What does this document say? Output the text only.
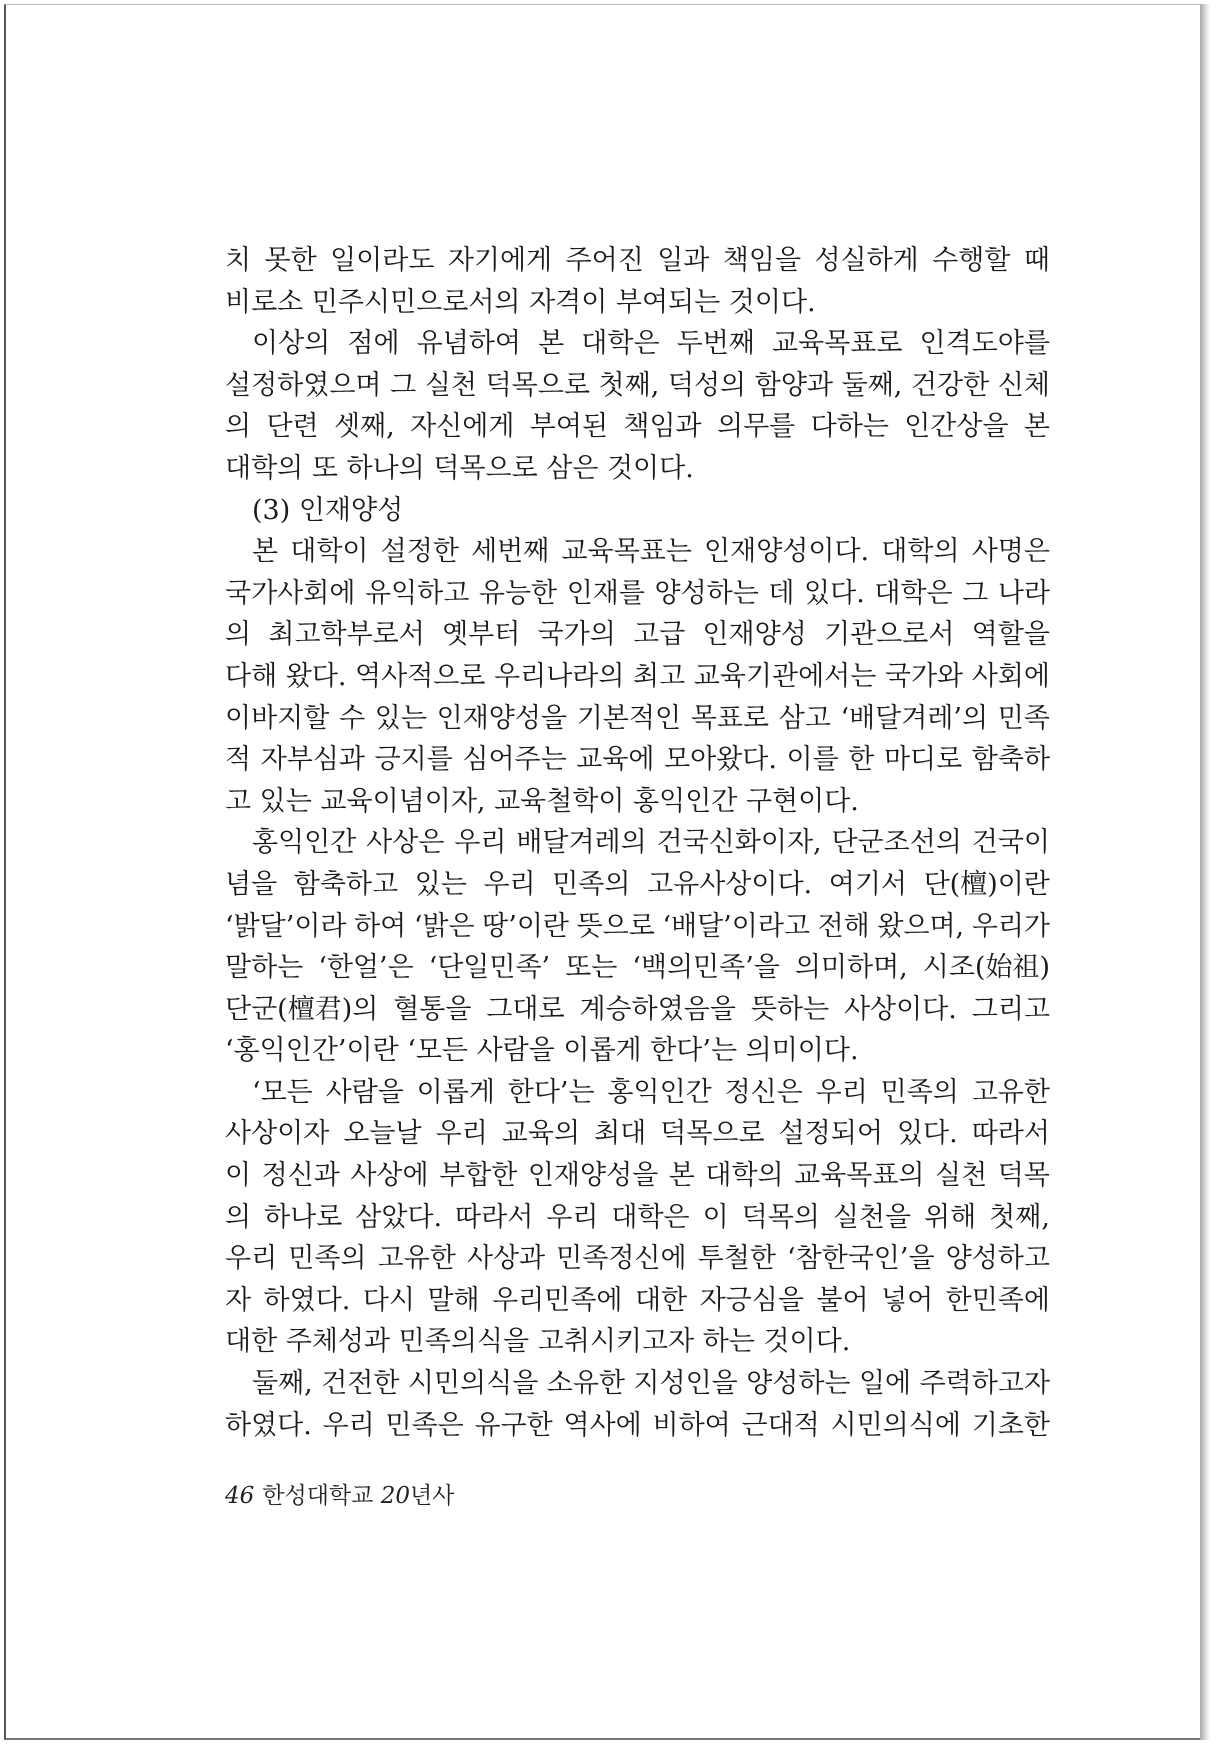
치 못한 일이라도 자기에게 주어진 일과 책임을 성실하게 수행할 때
비로소 민주시민으로서의 자격이 부여되는 것이다.
이상의 점에 유념하여 본 대학은 두번째 교육목표로 인격도야를
설정하였으며 그 실천 덕목으로 첫째, 덕성의 함양과 둘째, 건강한 신체
의 단련 셋째, 자신에게 부여된 책임과 의무를 다하는 인간상을 본
대학의 또 하나의 덕목으로 삼은 것이다.
(3) 인재양성
본 대학이 설정한 세번째 교육목표는 인재양성이다. 대학의 사명은
국가사회에 유익하고 유능한 인재를 양성하는 데 있다. 대학은 그 나라
의 최고학부로서 옛부터 국가의 고급 인재양성 기관으로서 역할을
다해 왔다. 역사적으로 우리나라의 최고 교육기관에서는 국가와 사회에
이바지할 수 있는 인재양성을 기본적인 목표로 삼고 ‘배달겨레’의 민족
적 자부심과 긍지를 심어주는 교육에 모아왔다. 이를 한 마디로 함축하
고 있는 교육이념이자, 교육철학이 홍익인간 구현이다.
홍익인간 사상은 우리 배달겨레의 건국신화이자, 단군조선의 건국이
념을 함축하고 있는 우리 민족의 고유사상이다. 여기서 단(檀)이란
‘밝달’이라 하여 ‘밝은 땅’이란 뜻으로 ‘배달’이라고 전해 왔으며, 우리가
말하는 ‘한얼’은 ‘단일민족’ 또는 ‘백의민족’을 의미하며, 시조(始祖)
단군(檀君)의 혈통을 그대로 계승하였음을 뜻하는 사상이다. 그리고
‘홍익인간’이란 ‘모든 사람을 이롭게 한다’는 의미이다.
‘모든 사람을 이롭게 한다’는 홍익인간 정신은 우리 민족의 고유한
사상이자 오늘날 우리 교육의 최대 덕목으로 설정되어 있다. 따라서
이 정신과 사상에 부합한 인재양성을 본 대학의 교육목표의 실천 덕목
의 하나로 삼았다. 따라서 우리 대학은 이 덕목의 실천을 위해 첫째,
우리 민족의 고유한 사상과 민족정신에 투철한 ‘참한국인’을 양성하고
자 하였다. 다시 말해 우리민족에 대한 자긍심을 불어 넣어 한민족에
대한 주체성과 민족의식을 고취시키고자 하는 것이다.
둘째, 건전한 시민의식을 소유한 지성인을 양성하는 일에 주력하고자
하였다. 우리 민족은 유구한 역사에 비하여 근대적 시민의식에 기초한
46 한성대학교 20년사
